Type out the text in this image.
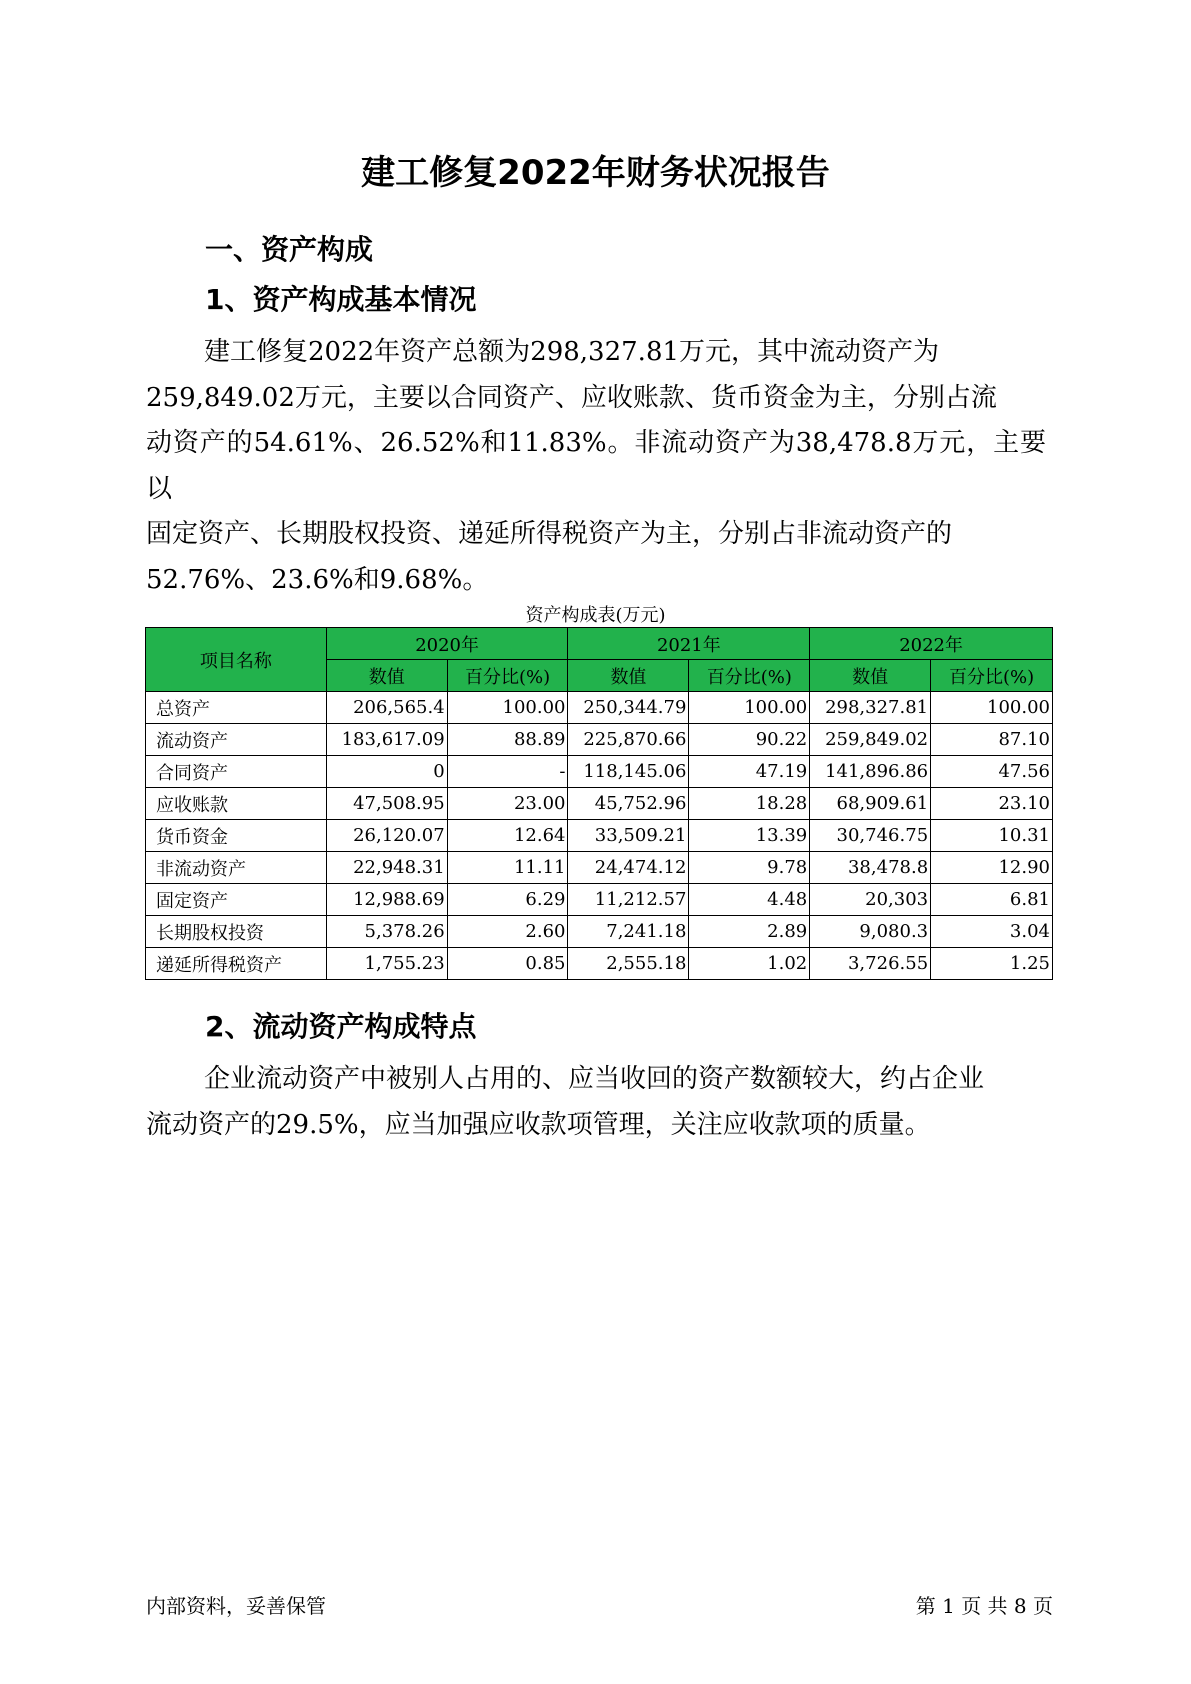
建工修复2022年财务状况报告
一、资产构成
1、资产构成基本情况
建工修复2022年资产总额为298,327.81万元，其中流动资产为
259,849.02万元，主要以合同资产、应收账款、货币资金为主，分别占流
动资产的54.61%、26.52%和11.83%。非流动资产为38,478.8万元，主要以
固定资产、长期股权投资、递延所得税资产为主，分别占非流动资产的
52.76%、23.6%和9.68%。
资产构成表(万元)
项目名称	2020年		2021年		2022年	
	数值	百分比(%)	数值	百分比(%)	数值	百分比(%)
总资产	206,565.4	100.00	250,344.79	100.00	298,327.81	100.00
流动资产	183,617.09	88.89	225,870.66	90.22	259,849.02	87.10
合同资产	0	-	118,145.06	47.19	141,896.86	47.56
应收账款	47,508.95	23.00	45,752.96	18.28	68,909.61	23.10
货币资金	26,120.07	12.64	33,509.21	13.39	30,746.75	10.31
非流动资产	22,948.31	11.11	24,474.12	9.78	38,478.8	12.90
固定资产	12,988.69	6.29	11,212.57	4.48	20,303	6.81
长期股权投资	5,378.26	2.60	7,241.18	2.89	9,080.3	3.04
递延所得税资产	1,755.23	0.85	2,555.18	1.02	3,726.55	1.25
2、流动资产构成特点
企业流动资产中被别人占用的、应当收回的资产数额较大，约占企业
流动资产的29.5%，应当加强应收款项管理，关注应收款项的质量。
内部资料，妥善保管	第 1 页 共 8 页
